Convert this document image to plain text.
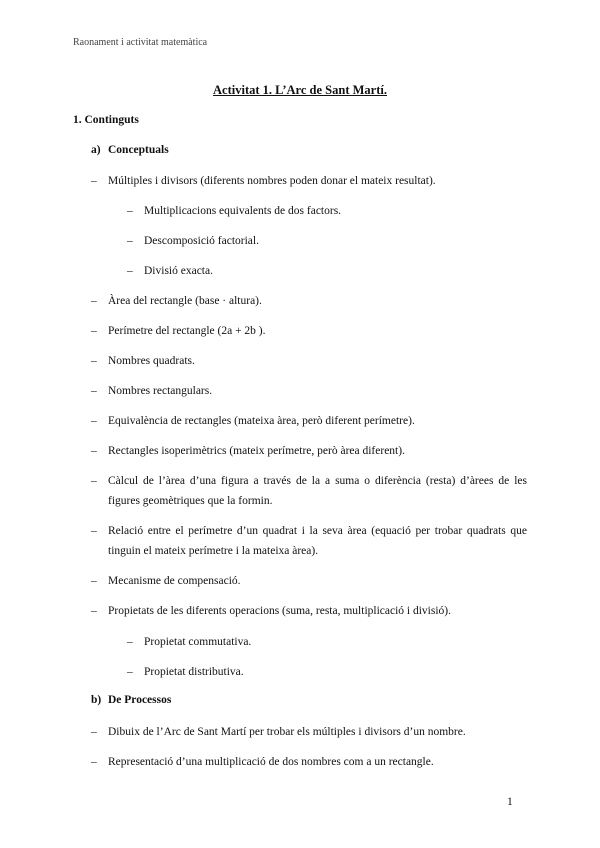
Raonament i activitat matemàtica
Activitat 1. L’Arc de Sant Martí.
1. Continguts
a) Conceptuals
– Múltiples i divisors (diferents nombres poden donar el mateix resultat).
– Multiplicacions equivalents de dos factors.
– Descomposició factorial.
– Divisió exacta.
– Àrea del rectangle (base · altura).
– Perímetre del rectangle (2a + 2b ).
– Nombres quadrats.
– Nombres rectangulars.
– Equivalència de rectangles (mateixa àrea, però diferent perímetre).
– Rectangles isoperimètrics (mateix perímetre, però àrea diferent).
– Càlcul de l’àrea d’una figura a través de la a suma o diferència (resta) d’àrees de les figures geomètriques que la formin.
– Relació entre el perímetre d’un quadrat i la seva àrea (equació per trobar quadrats que tinguin el mateix perímetre i la mateixa àrea).
– Mecanisme de compensació.
– Propietats de les diferents operacions (suma, resta, multiplicació i divisió).
– Propietat commutativa.
– Propietat distributiva.
b) De Processos
– Dibuix de l’Arc de Sant Martí per trobar els múltiples i divisors d’un nombre.
– Representació d’una multiplicació de dos nombres com a un rectangle.
1
